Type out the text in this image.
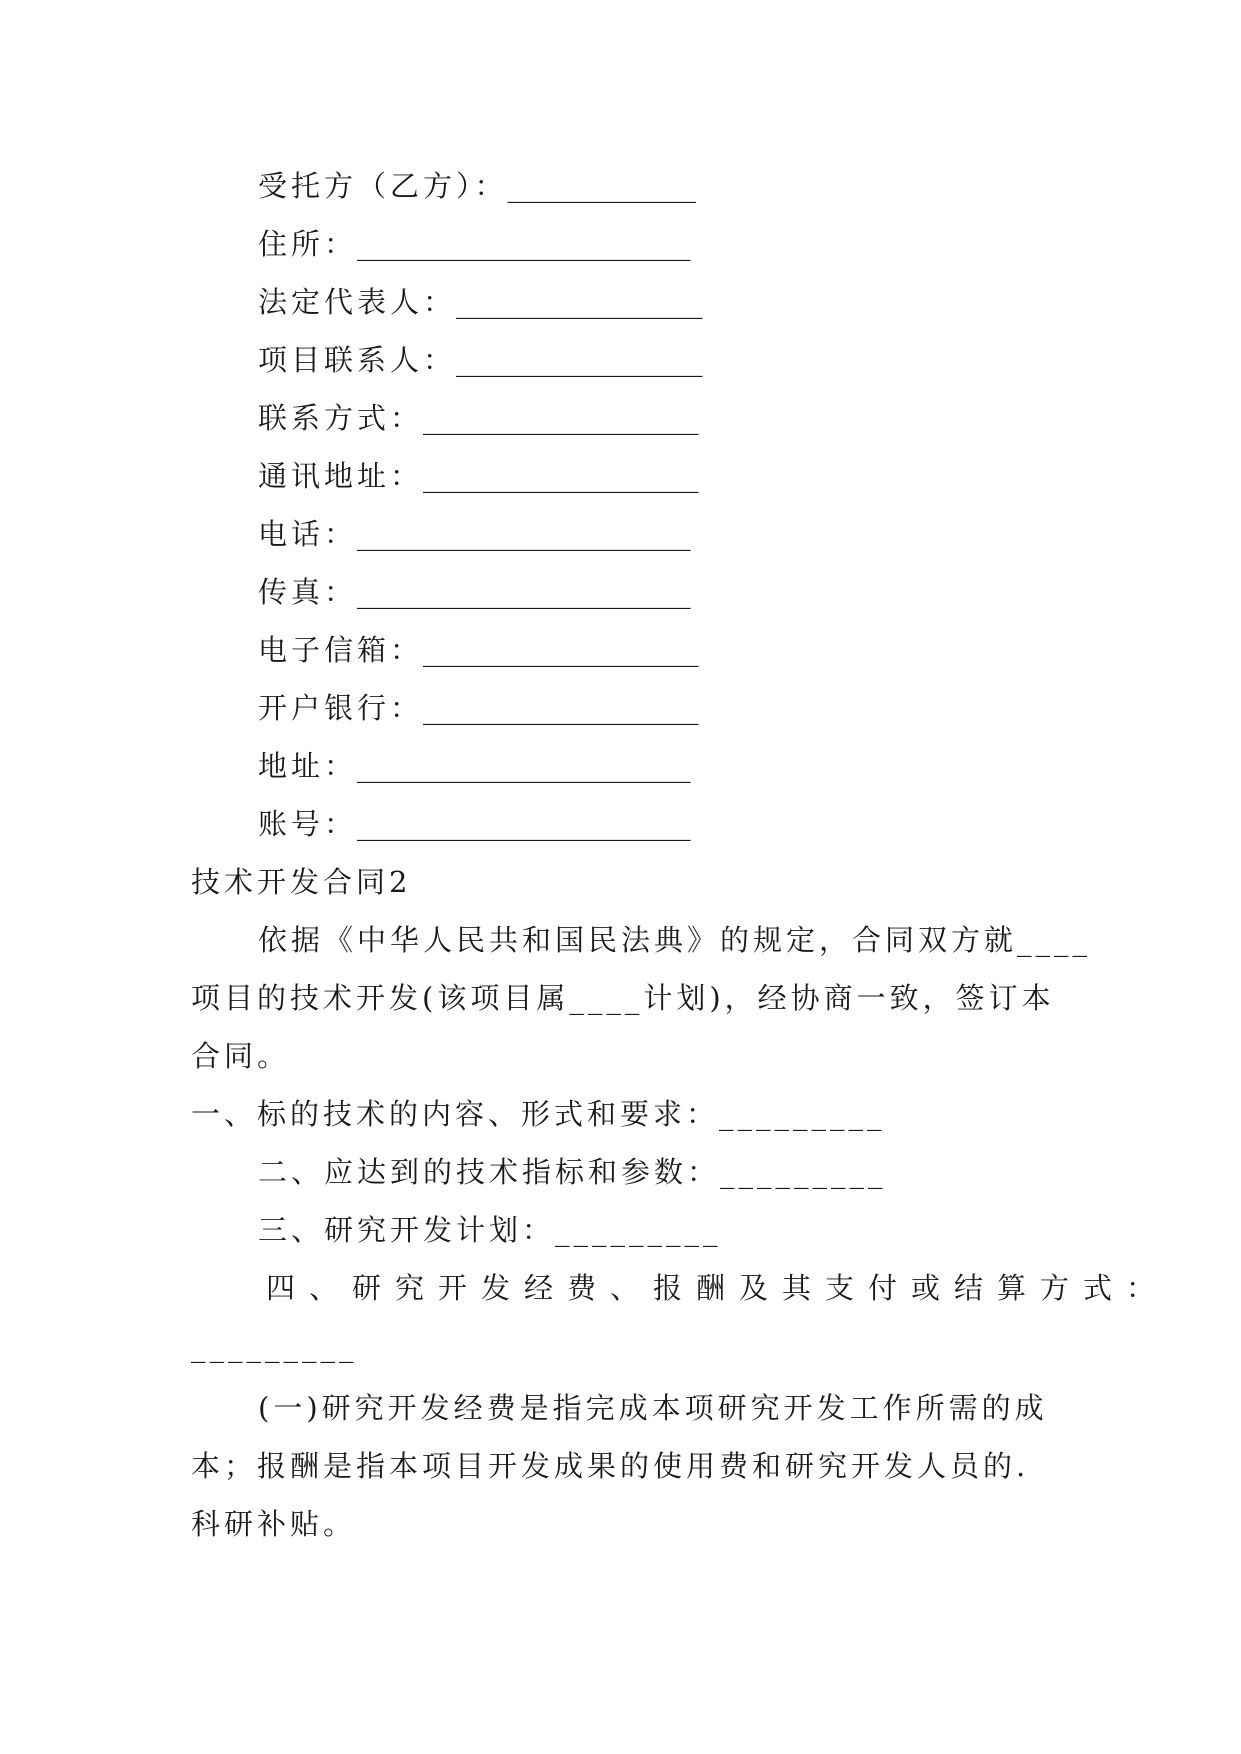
受托方（乙方）：_____________
住所：_______________________
法定代表人：_________________
项目联系人：_________________
联系方式：___________________
通讯地址：___________________
电话：_______________________
传真：_______________________
电子信箱：___________________
开户银行：___________________
地址：_______________________
账号：_______________________
技术开发合同2
依据《中华人民共和国民法典》的规定，合同双方就____
项目的技术开发(该项目属____计划)，经协商一致，签订本
合同。
一、标的技术的内容、形式和要求：_________
二、应达到的技术指标和参数：_________
三、研究开发计划：_________
四、研究开发经费、报酬及其支付或结算方式：
_________
(一)研究开发经费是指完成本项研究开发工作所需的成
本；报酬是指本项目开发成果的使用费和研究开发人员的.
科研补贴。
